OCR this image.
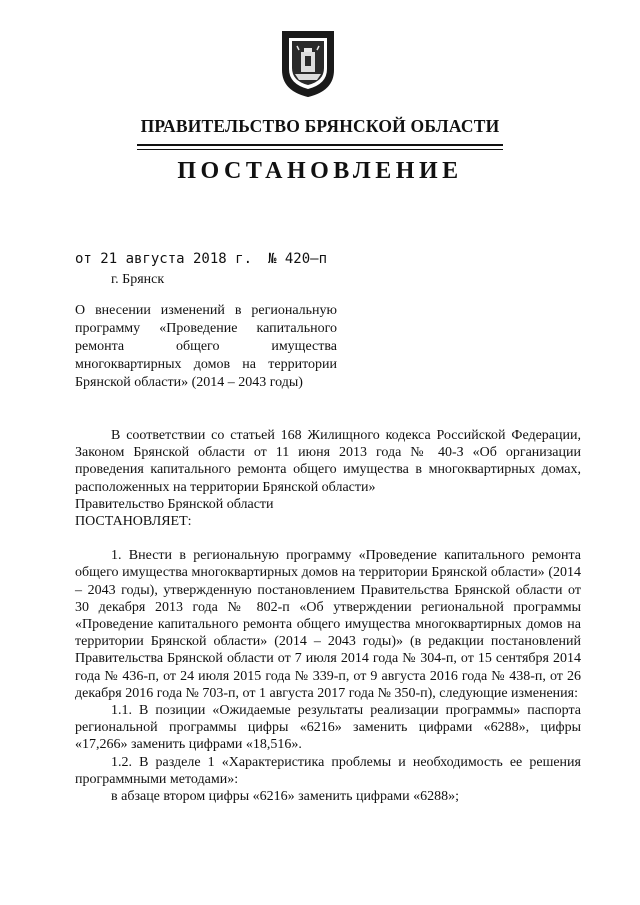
ПРАВИТЕЛЬСТВО БРЯНСКОЙ ОБЛАСТИ
ПОСТАНОВЛЕНИЕ
от 21 августа 2018 г. № 420–п
г. Брянск
О внесении изменений в региональную программу «Проведение капитального ремонта общего имущества многоквартирных домов на территории Брянской области» (2014 – 2043 годы)

В соответствии со статьей 168 Жилищного кодекса Российской Федерации, Законом Брянской области от 11 июня 2013 года № 40-З «Об организации проведения капитального ремонта общего имущества в многоквартирных домах, расположенных на территории Брянской области»

Правительство Брянской области

ПОСТАНОВЛЯЕТ:

1. Внести в региональную программу «Проведение капитального ремонта общего имущества многоквартирных домов на территории Брянской области» (2014 – 2043 годы), утвержденную постановлением Правительства Брянской области от 30 декабря 2013 года № 802-п «Об утверждении региональной программы «Проведение капитального ремонта общего имущества многоквартирных домов на территории Брянской области» (2014 – 2043 годы)» (в редакции постановлений Правительства Брянской области от 7 июля 2014 года № 304-п, от 15 сентября 2014 года № 436-п, от 24 июля 2015 года № 339-п, от 9 августа 2016 года № 438-п, от 26 декабря 2016 года № 703-п, от 1 августа 2017 года № 350-п), следующие изменения:

1.1. В позиции «Ожидаемые результаты реализации программы» паспорта региональной программы цифры «6216» заменить цифрами «6288», цифры «17,266» заменить цифрами «18,516».

1.2. В разделе 1 «Характеристика проблемы и необходимость ее решения программными методами»:

в абзаце втором цифры «6216» заменить цифрами «6288»;
